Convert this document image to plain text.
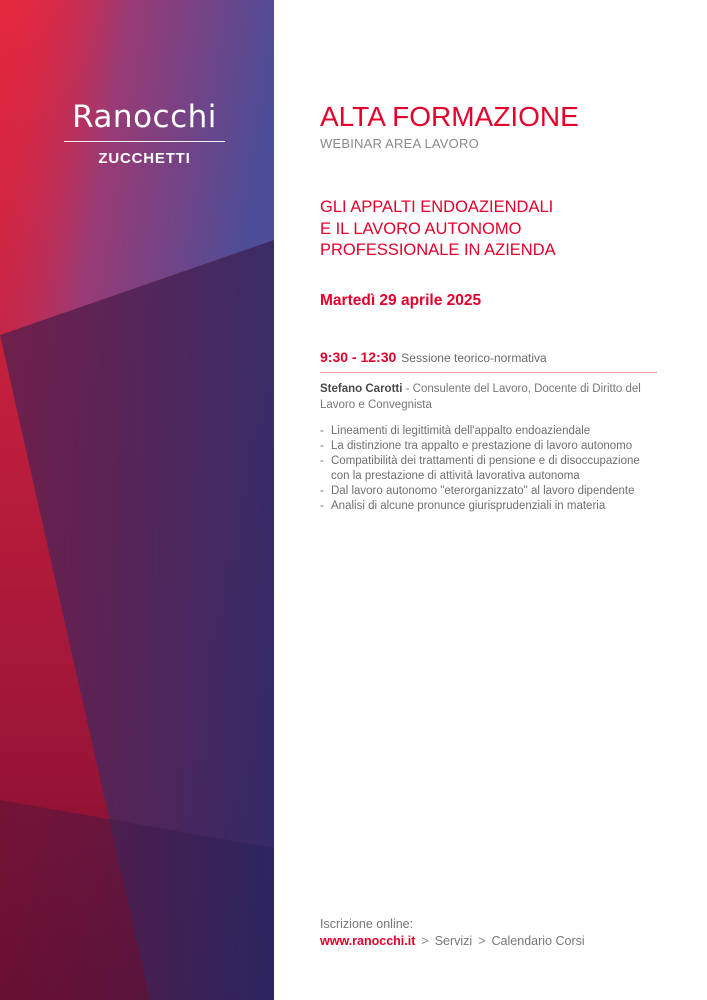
Ranocchi
ZUCCHETTI
ALTA FORMAZIONE
WEBINAR AREA LAVORO
GLI APPALTI ENDOAZIENDALI
E IL LAVORO AUTONOMO
PROFESSIONALE IN AZIENDA
Martedì 29 aprile 2025
9:30 - 12:30 Sessione teorico-normativa
Stefano Carotti - Consulente del Lavoro, Docente di Diritto del Lavoro e Convegnista
- Lineamenti di legittimità dell'appalto endoaziendale
- La distinzione tra appalto e prestazione di lavoro autonomo
- Compatibilità dei trattamenti di pensione e di disoccupazione con la prestazione di attività lavorativa autonoma
- Dal lavoro autonomo "eterorganizzato" al lavoro dipendente
- Analisi di alcune pronunce giurisprudenziali in materia
Iscrizione online:
www.ranocchi.it > Servizi > Calendario Corsi
